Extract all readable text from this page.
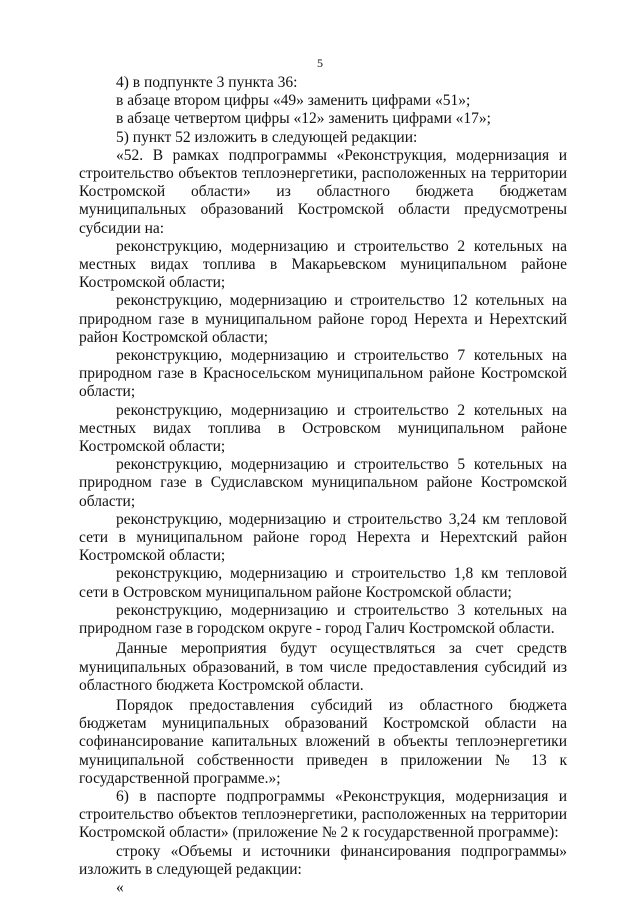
5

4) в подпункте 3 пункта 36:

в абзаце втором цифры «49» заменить цифрами «51»;

в абзаце четвертом цифры «12» заменить цифрами «17»;

5) пункт 52 изложить в следующей редакции:

«52. В рамках подпрограммы «Реконструкция, модернизация и строительство объектов теплоэнергетики, расположенных на территории Костромской области» из областного бюджета бюджетам муниципальных образований Костромской области предусмотрены субсидии на:

реконструкцию, модернизацию и строительство 2 котельных на местных видах топлива в Макарьевском муниципальном районе Костромской области;

реконструкцию, модернизацию и строительство 12 котельных на природном газе в муниципальном районе город Нерехта и Нерехтский район Костромской области;

реконструкцию, модернизацию и строительство 7 котельных на природном газе в Красносельском муниципальном районе Костромской области;

реконструкцию, модернизацию и строительство 2 котельных на местных видах топлива в Островском муниципальном районе Костромской области;

реконструкцию, модернизацию и строительство 5 котельных на природном газе в Судиславском муниципальном районе Костромской области;

реконструкцию, модернизацию и строительство 3,24 км тепловой сети в муниципальном районе город Нерехта и Нерехтский район Костромской области;

реконструкцию, модернизацию и строительство 1,8 км тепловой сети в Островском муниципальном районе Костромской области;

реконструкцию, модернизацию и строительство 3 котельных на природном газе в городском округе - город Галич Костромской области.

Данные мероприятия будут осуществляться за счет средств муниципальных образований, в том числе предоставления субсидий из областного бюджета Костромской области.

Порядок предоставления субсидий из областного бюджета бюджетам муниципальных образований Костромской области на софинансирование капитальных вложений в объекты теплоэнергетики муниципальной собственности приведен в приложении № 13 к государственной программе.»;

6) в паспорте подпрограммы «Реконструкция, модернизация и строительство объектов теплоэнергетики, расположенных на территории Костромской области» (приложение № 2 к государственной программе):

строку «Объемы и источники финансирования подпрограммы» изложить в следующей редакции:

«
